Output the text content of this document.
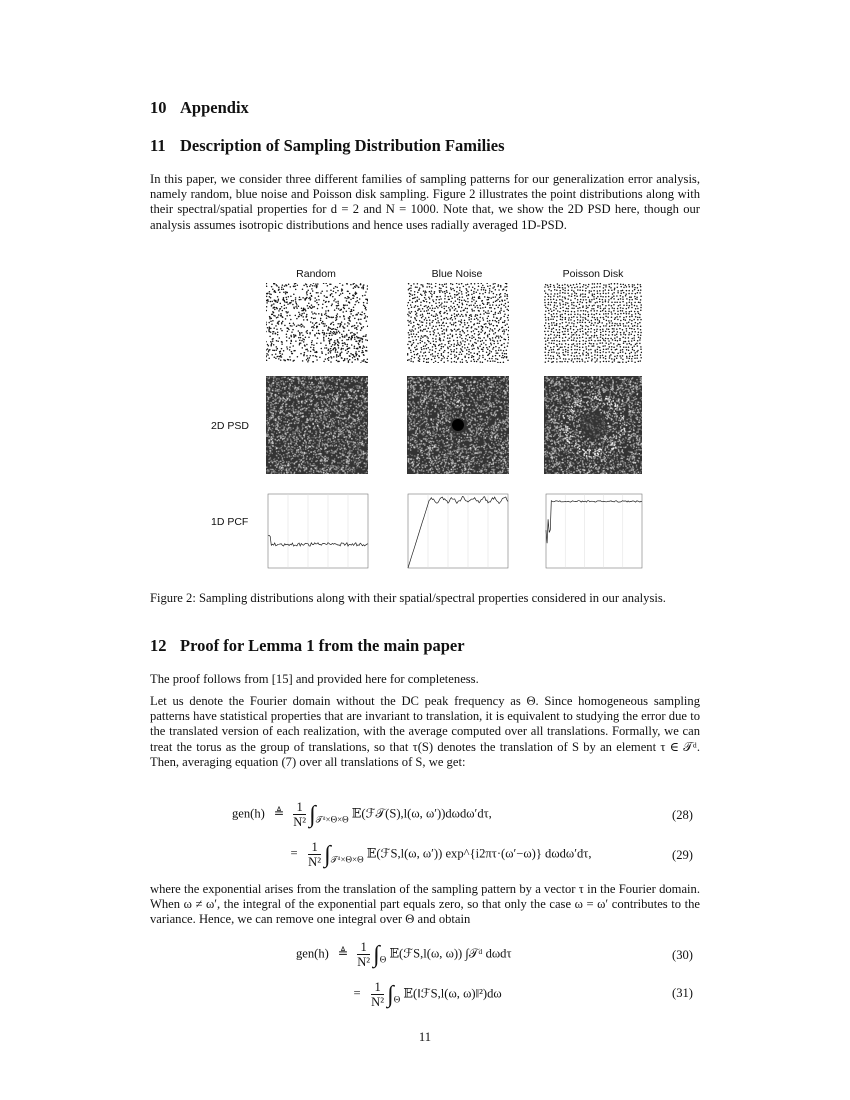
10 Appendix
11 Description of Sampling Distribution Families

In this paper, we consider three different families of sampling patterns for our generalization error analysis, namely random, blue noise and Poisson disk sampling. Figure 2 illustrates the point distributions along with their spectral/spatial properties for d = 2 and N = 1000. Note that, we show the 2D PSD here, though our analysis assumes isotropic distributions and hence uses radially averaged 1D-PSD.

Random	Blue Noise	Poisson Disk
2D PSD
1D PCF

Figure 2: Sampling distributions along with their spatial/spectral properties considered in our analysis.

12 Proof for Lemma 1 from the main paper

The proof follows from [15] and provided here for completeness.

Let us denote the Fourier domain without the DC peak frequency as Θ. Since homogeneous sampling patterns have statistical properties that are invariant to translation, it is equivalent to studying the error due to the translated version of each realization, with the average computed over all translations. Formally, we can treat the torus as the group of translations, so that τ(S) denotes the translation of S by an element τ ∈ 𝒯ᵈ. Then, averaging equation (7) over all translations of S, we get:

gen(h) ≜ $\frac{1}{\text{N²}} \int_{𝒯ᵈ\times\Theta\times\Theta}$ 𝔼(ℱ𝒯(S),l(ω, ω′))dωdω′dτ,	(28)
= $\frac{1}{\text{N²}} \int_{𝒯ᵈ\times\Theta\times\Theta}$ 𝔼(ℱS,l(ω, ω′)) exp^{i2πτ·(ω′−ω)} dωdω′dτ,	(29)

where the exponential arises from the translation of the sampling pattern by a vector τ in the Fourier domain. When ω ≠ ω′, the integral of the exponential part equals zero, so that only the case ω = ω′ contributes to the variance. Hence, we can remove one integral over Θ and obtain

gen(h) ≜ $\frac{1}{\text{N²}} \int_\Theta$ 𝔼(ℱS,l(ω, ω)) ∫𝒯ᵈ dωdτ	(30)
= $\frac{1}{\text{N²}} \int_\Theta$ 𝔼(‖ℱS,l(ω, ω)‖²)dω	(31)
11
